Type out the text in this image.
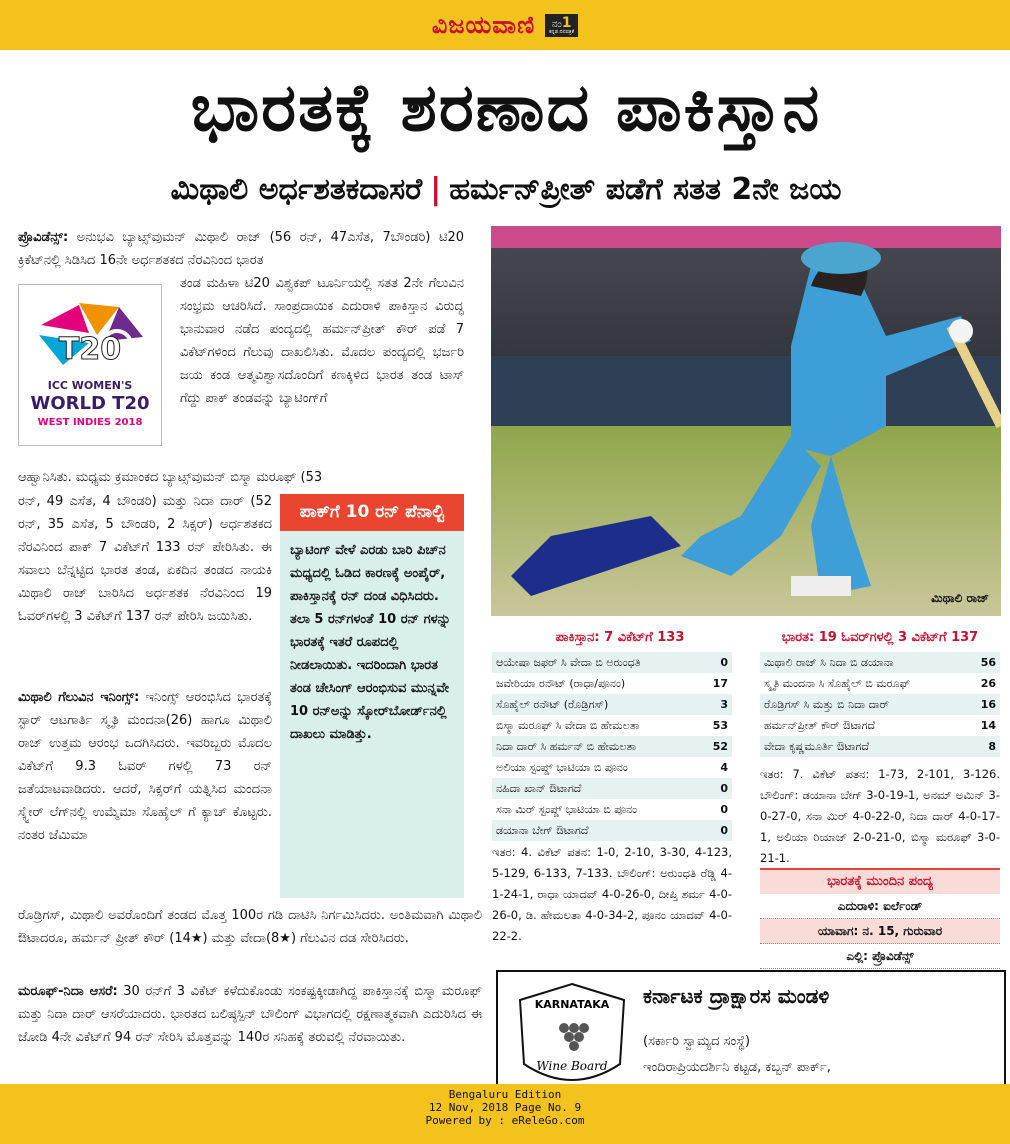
ವಿಜಯವಾಣಿ ನಂ1
ಕನ್ನಡ ದಿನಪತ್ರಿಕೆ
ಭಾರತಕ್ಕೆ ಶರಣಾದ ಪಾಕಿಸ್ತಾನ
ಮಿಥಾಲಿ ಅರ್ಧಶತಕದಾಸರೆ | ಹರ್ಮನ್‌ಪ್ರೀತ್ ಪಡೆಗೆ ಸತತ 2ನೇ ಜಯ
ಪ್ರೊವಿಡೆನ್ಸ್: ಅನುಭವಿ ಬ್ಯಾಟ್ಸ್‌ವುಮನ್ ಮಿಥಾಲಿ ರಾಜ್ (56 ರನ್, 47ಎಸೆತ, 7ಬೌಂಡರಿ) ಟಿ20 ಕ್ರಿಕೆಟ್‌ನಲ್ಲಿ ಸಿಡಿಸಿದ 16ನೇ ಅರ್ಧಶತಕದ ನೆರವಿನಿಂದ ಭಾರತ
T20
ICC WOMEN'S
WORLD T20
WEST INDIES 2018
ತಂಡ ಮಹಿಳಾ ಟಿ20 ವಿಶ್ವಕಪ್ ಟೂರ್ನಿಯಲ್ಲಿ ಸತತ 2ನೇ ಗೆಲುವಿನ ಸಂಭ್ರಮ ಆಚರಿಸಿದೆ. ಸಾಂಪ್ರದಾಯಿಕ ಎದುರಾಳಿ ಪಾಕಿಸ್ತಾನ ವಿರುದ್ಧ ಭಾನುವಾರ ನಡೆದ ಪಂದ್ಯದಲ್ಲಿ ಹರ್ಮನ್‌ಪ್ರೀತ್ ಕೌರ್ ಪಡೆ 7 ವಿಕೆಟ್‌ಗಳಿಂದ ಗೆಲುವು ದಾಖಲಿಸಿತು. ಮೊದಲ ಪಂದ್ಯದಲ್ಲಿ ಭರ್ಜರಿ ಜಯ ಕಂಡ ಆತ್ಮವಿಶ್ವಾಸದೊಂದಿಗೆ ಕಣಕ್ಕಿಳಿದ ಭಾರತ ತಂಡ ಟಾಸ್ ಗೆದ್ದು ಪಾಕ್ ತಂಡವನ್ನು ಬ್ಯಾಟಿಂಗ್‌ಗೆ
ಆಹ್ವಾನಿಸಿತು. ಮಧ್ಯಮ ಕ್ರಮಾಂಕದ ಬ್ಯಾಟ್ಸ್‌ವುಮನ್ ಬಿಸ್ಮಾ ಮರೂಫ್ (53
ರನ್, 49 ಎಸೆತ, 4 ಬೌಂಡರಿ) ಮತ್ತು ನಿದಾ ದಾರ್ (52 ರನ್, 35 ಎಸೆತ, 5 ಬೌಂಡರಿ, 2 ಸಿಕ್ಸರ್) ಅರ್ಧಶತಕದ ನೆರವಿನಿಂದ ಪಾಕ್ 7 ವಿಕೆಟ್‌ಗೆ 133 ರನ್ ಪೇರಿಸಿತು. ಈ ಸವಾಲು ಬೆನ್ನಟ್ಟಿದ ಭಾರತ ತಂಡ, ಏಕದಿನ ತಂಡದ ನಾಯಕಿ ಮಿಥಾಲಿ ರಾಜ್ ಬಾರಿಸಿದ ಅರ್ಧಶತಕ ನೆರವಿನಿಂದ 19 ಓವರ್‌ಗಳಲ್ಲಿ 3 ವಿಕೆಟ್‌ಗೆ 137 ರನ್ ಪೇರಿಸಿ ಜಯಿಸಿತು.
ಮಿಥಾಲಿ ಗೆಲುವಿನ ಇನಿಂಗ್ಸ್: ಇನಿಂಗ್ಸ್ ಆರಂಭಿಸಿದ ಭಾರತಕ್ಕೆ ಸ್ಟಾರ್ ಆಟಗಾರ್ತಿ ಸ್ಮೃತಿ ಮಂದನಾ(26) ಹಾಗೂ ಮಿಥಾಲಿ ರಾಜ್ ಉತ್ತಮ ಆರಂಭ ಒದಗಿಸಿದರು. ಇವರಿಬ್ಬರು ಮೊದಲ ವಿಕೆಟ್‌ಗೆ 9.3 ಓವರ್ ಗಳಲ್ಲಿ 73 ರನ್ ಜತೆಯಾಟವಾಡಿದರು. ಆದರೆ, ಸಿಕ್ಸರ್‌ಗೆ ಯತ್ನಿಸಿದ ಮಂದನಾ ಸ್ಕ್ವೇರ್ ಲೆಗ್‌ನಲ್ಲಿ ಉಮ್ಮೆಮಾ ಸೊಹೈಲ್ ಗೆ ಕ್ಯಾಚ್ ಕೊಟ್ಟರು. ನಂತರ ಜೆಮಿಮಾ
ರೊಡ್ರಿಗಸ್, ಮಿಥಾಲಿ ಅವರೊಂದಿಗೆ ತಂಡದ ಮೊತ್ತ 100ರ ಗಡಿ ದಾಟಿಸಿ ನಿರ್ಗಮಿಸಿದರು. ಅಂತಿಮವಾಗಿ ಮಿಥಾಲಿ ಔಟಾದರೂ, ಹರ್ಮನ್ ಪ್ರೀತ್ ಕೌರ್ (14★) ಮತ್ತು ವೇದಾ(8★) ಗೆಲುವಿನ ದಡ ಸೇರಿಸಿದರು.
ಮರೂಫ್-ನಿದಾ ಆಸರೆ: 30 ರನ್‌ಗೆ 3 ವಿಕೆಟ್ ಕಳೆದುಕೊಂಡು ಸಂಕಷ್ಟಕ್ಕೀಡಾಗಿದ್ದ ಪಾಕಿಸ್ತಾನಕ್ಕೆ ಬಿಸ್ಮಾ ಮರೂಫ್ ಮತ್ತು ನಿದಾ ದಾರ್ ಆಸರೆಯಾದರು. ಭಾರತದ ಬಲಿಷ್ಠಸ್ಪಿನ್ ಬೌಲಿಂಗ್ ವಿಭಾಗದಲ್ಲಿ ರಕ್ಷಣಾತ್ಮಕವಾಗಿ ಎದುರಿಸಿದ ಈ ಜೋಡಿ 4ನೇ ವಿಕೆಟ್‌ಗೆ 94 ರನ್ ಸೇರಿಸಿ ಮೊತ್ತವನ್ನು 140ರ ಸನಿಹಕ್ಕೆ ತರುವಲ್ಲಿ ನೆರವಾಯಿತು.
ಪಾಕ್‌ಗೆ 10 ರನ್ ಪೆನಾಲ್ಟಿ
ಬ್ಯಾಟಿಂಗ್ ವೇಳೆ ಎರಡು ಬಾರಿ ಪಿಚ್‌ನ ಮಧ್ಯದಲ್ಲಿ ಓಡಿದ ಕಾರಣಕ್ಕೆ ಅಂಪೈರ್, ಪಾಕಿಸ್ತಾನಕ್ಕೆ ರನ್ ದಂಡ ವಿಧಿಸಿದರು. ತಲಾ 5 ರನ್‌ಗಳಂತೆ 10 ರನ್ ಗಳನ್ನು ಭಾರತಕ್ಕೆ ಇತರೆ ರೂಪದಲ್ಲಿ ನೀಡಲಾಯಿತು. ಇದರಿಂದಾಗಿ ಭಾರತ ತಂಡ ಚೇಸಿಂಗ್ ಆರಂಭಿಸುವ ಮುನ್ನವೇ 10 ರನ್‌ಅನ್ನು ಸ್ಕೋರ್‌ಬೋರ್ಡ್‌ನಲ್ಲಿ ದಾಖಲು ಮಾಡಿತ್ತು.
ಮಿಥಾಲಿ ರಾಜ್
ಪಾಕಿಸ್ತಾನ: 7 ವಿಕೆಟ್‌ಗೆ 133
ಆಯೇಷಾ ಜಫರ್ ಸಿ ವೇದಾ ಬಿ ಅರುಂಧತಿ	0
ಜವೇರಿಯಾ ರನೌಟ್ (ರಾಧಾ/ಪೂನಂ)	17
ಸೊಹೈಲ್ ರನೌಟ್ (ರೊಡ್ರಿಗಸ್)	3
ಬಿಸ್ಮಾ ಮರೂಫ್ ಸಿ ವೇದಾ ಬಿ ಹೇಮಲತಾ	53
ನಿದಾ ದಾರ್ ಸಿ ಹರ್ಮನ್ ಬಿ ಹೇಮಲತಾ	52
ಅಲಿಯಾ ಸ್ಟಂಪ್ಡ್ ಭಾಟಿಯಾ ಬಿ ಪೂನಂ	4
ನಹಿದಾ ಖಾನ್ ಔಟಾಗದೆ	0
ಸನಾ ಮಿರ್ ಸ್ಟಂಪ್ಡ್ ಭಾಟಿಯಾ ಬಿ ಪೂನಂ	0
ಡಯಾನಾ ಬೇಗ್ ಔಟಾಗದೆ	0
ಇತರ: 4. ವಿಕೆಟ್ ಪತನ: 1-0, 2-10, 3-30, 4-123, 5-129, 6-133, 7-133. ಬೌಲಿಂಗ್: ಅರುಂಧತಿ ರೆಡ್ಡಿ 4-1-24-1, ರಾಧಾ ಯಾದವ್ 4-0-26-0, ದೀಪ್ತಿ ಶರ್ಮ 4-0-26-0, ಡಿ. ಹೇಮಲತಾ 4-0-34-2, ಪೂನಂ ಯಾದವ್ 4-0-22-2.
ಭಾರತ: 19 ಓವರ್‌ಗಳಲ್ಲಿ 3 ವಿಕೆಟ್‌ಗೆ 137
ಮಿಥಾಲಿ ರಾಜ್ ಸಿ ನಿದಾ ಬಿ ಡಯಾನಾ	56
ಸ್ಮೃತಿ ಮಂದನಾ ಸಿ ಸೊಹೈಲ್ ಬಿ ಮರೂಫ್	26
ರೊಡ್ರಿಗಸ್ ಸಿ ಮತ್ತು ಬಿ ನಿದಾ ದಾರ್	16
ಹರ್ಮನ್‌ಪ್ರೀತ್ ಕೌರ್ ಔಟಾಗದೆ	14
ವೇದಾ ಕೃಷ್ಣಮೂರ್ತಿ ಔಟಾಗದೆ	8
ಇತರ: 7. ವಿಕೆಟ್ ಪತನ: 1-73, 2-101, 3-126. ಬೌಲಿಂಗ್: ಡಯಾನಾ ಬೇಗ್ 3-0-19-1, ಅನಮ್ ಅಮಿನ್ 3-0-27-0, ಸನಾ ಮಿರ್ 4-0-22-0, ನಿದಾ ದಾರ್ 4-0-17-1, ಅಲಿಯಾ ರಿಯಾಜ್ 2-0-21-0, ಬಿಸ್ಮಾ ಮರೂಫ್ 3-0-21-1.
ಭಾರತಕ್ಕೆ ಮುಂದಿನ ಪಂದ್ಯ
ಎದುರಾಳಿ: ಐರ್ಲೆಂಡ್
ಯಾವಾಗ: ನ. 15, ಗುರುವಾರ
ಎಲ್ಲಿ: ಪ್ರೊವಿಡೆನ್ಸ್
KARNATAKA
Wine Board
ಕರ್ನಾಟಕ ದ್ರಾಕ್ಷಾರಸ ಮಂಡಳಿ
(ಸರ್ಕಾರಿ ಸ್ವಾಮ್ಯದ ಸಂಸ್ಥೆ)
ಇಂದಿರಾಪ್ರಿಯದರ್ಶಿನಿ ಕಟ್ಟಡ, ಕಬ್ಬನ್ ಪಾರ್ಕ್,
Bengaluru Edition
12 Nov, 2018 Page No. 9
Powered by : eReleGo.com
